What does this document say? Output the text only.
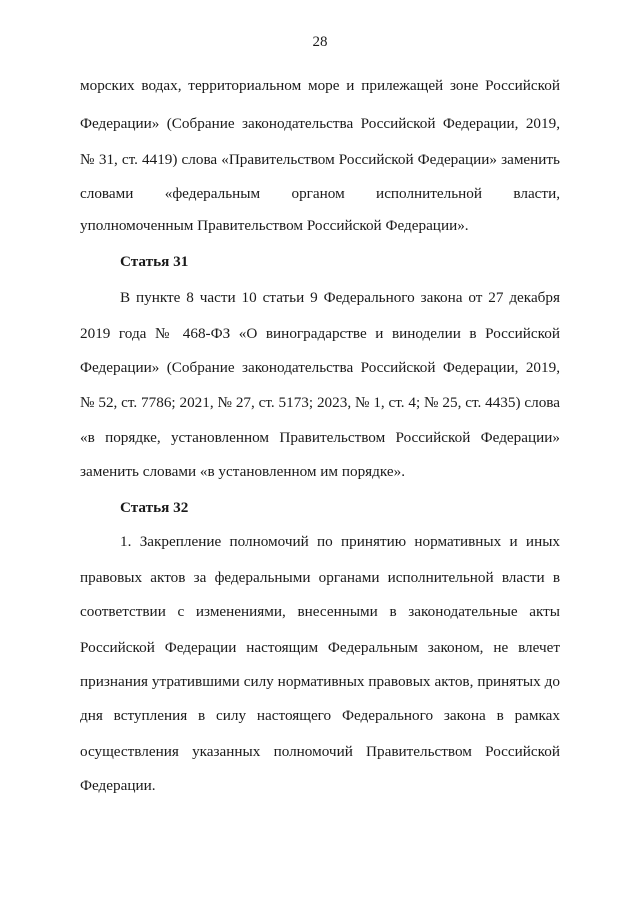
28
морских водах, территориальном море и прилежащей зоне Российской
Федерации» (Собрание законодательства Российской Федерации, 2019,
№ 31, ст. 4419) слова «Правительством Российской Федерации» заменить
словами «федеральным органом исполнительной власти,
уполномоченным Правительством Российской Федерации».
Статья 31
В пункте 8 части 10 статьи 9 Федерального закона от 27 декабря
2019 года № 468-ФЗ «О виноградарстве и виноделии в Российской
Федерации» (Собрание законодательства Российской Федерации, 2019,
№ 52, ст. 7786; 2021, № 27, ст. 5173; 2023, № 1, ст. 4; № 25, ст. 4435) слова
«в порядке, установленном Правительством Российской Федерации»
заменить словами «в установленном им порядке».
Статья 32
1. Закрепление полномочий по принятию нормативных и иных
правовых актов за федеральными органами исполнительной власти в
соответствии с изменениями, внесенными в законодательные акты
Российской Федерации настоящим Федеральным законом, не влечет
признания утратившими силу нормативных правовых актов, принятых до
дня вступления в силу настоящего Федерального закона в рамках
осуществления указанных полномочий Правительством Российской
Федерации.
